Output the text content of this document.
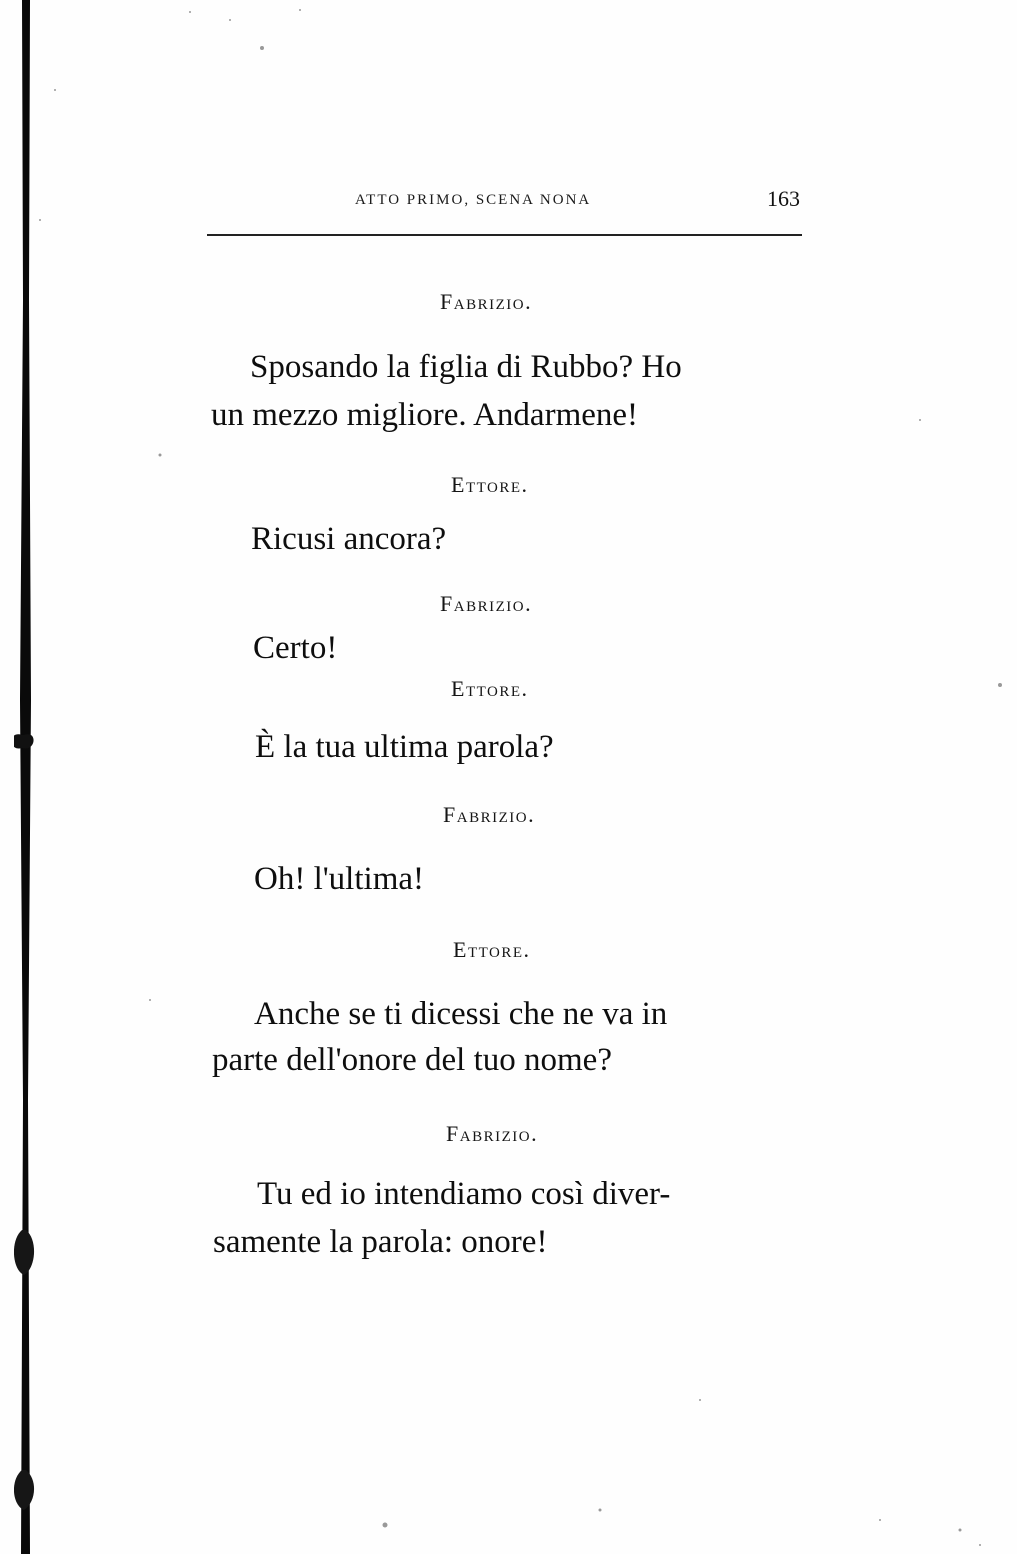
ATTO PRIMO, SCENA NONA	163
Fabrizio.
Sposando la figlia di Rubbo? Ho
un mezzo migliore. Andarmene!
Ettore.
Ricusi ancora?
Fabrizio.
Certo!
Ettore.
È la tua ultima parola?
Fabrizio.
Oh! l'ultima!
Ettore.
Anche se ti dicessi che ne va in
parte dell'onore del tuo nome?
Fabrizio.
Tu ed io intendiamo così diver-
samente la parola: onore!
